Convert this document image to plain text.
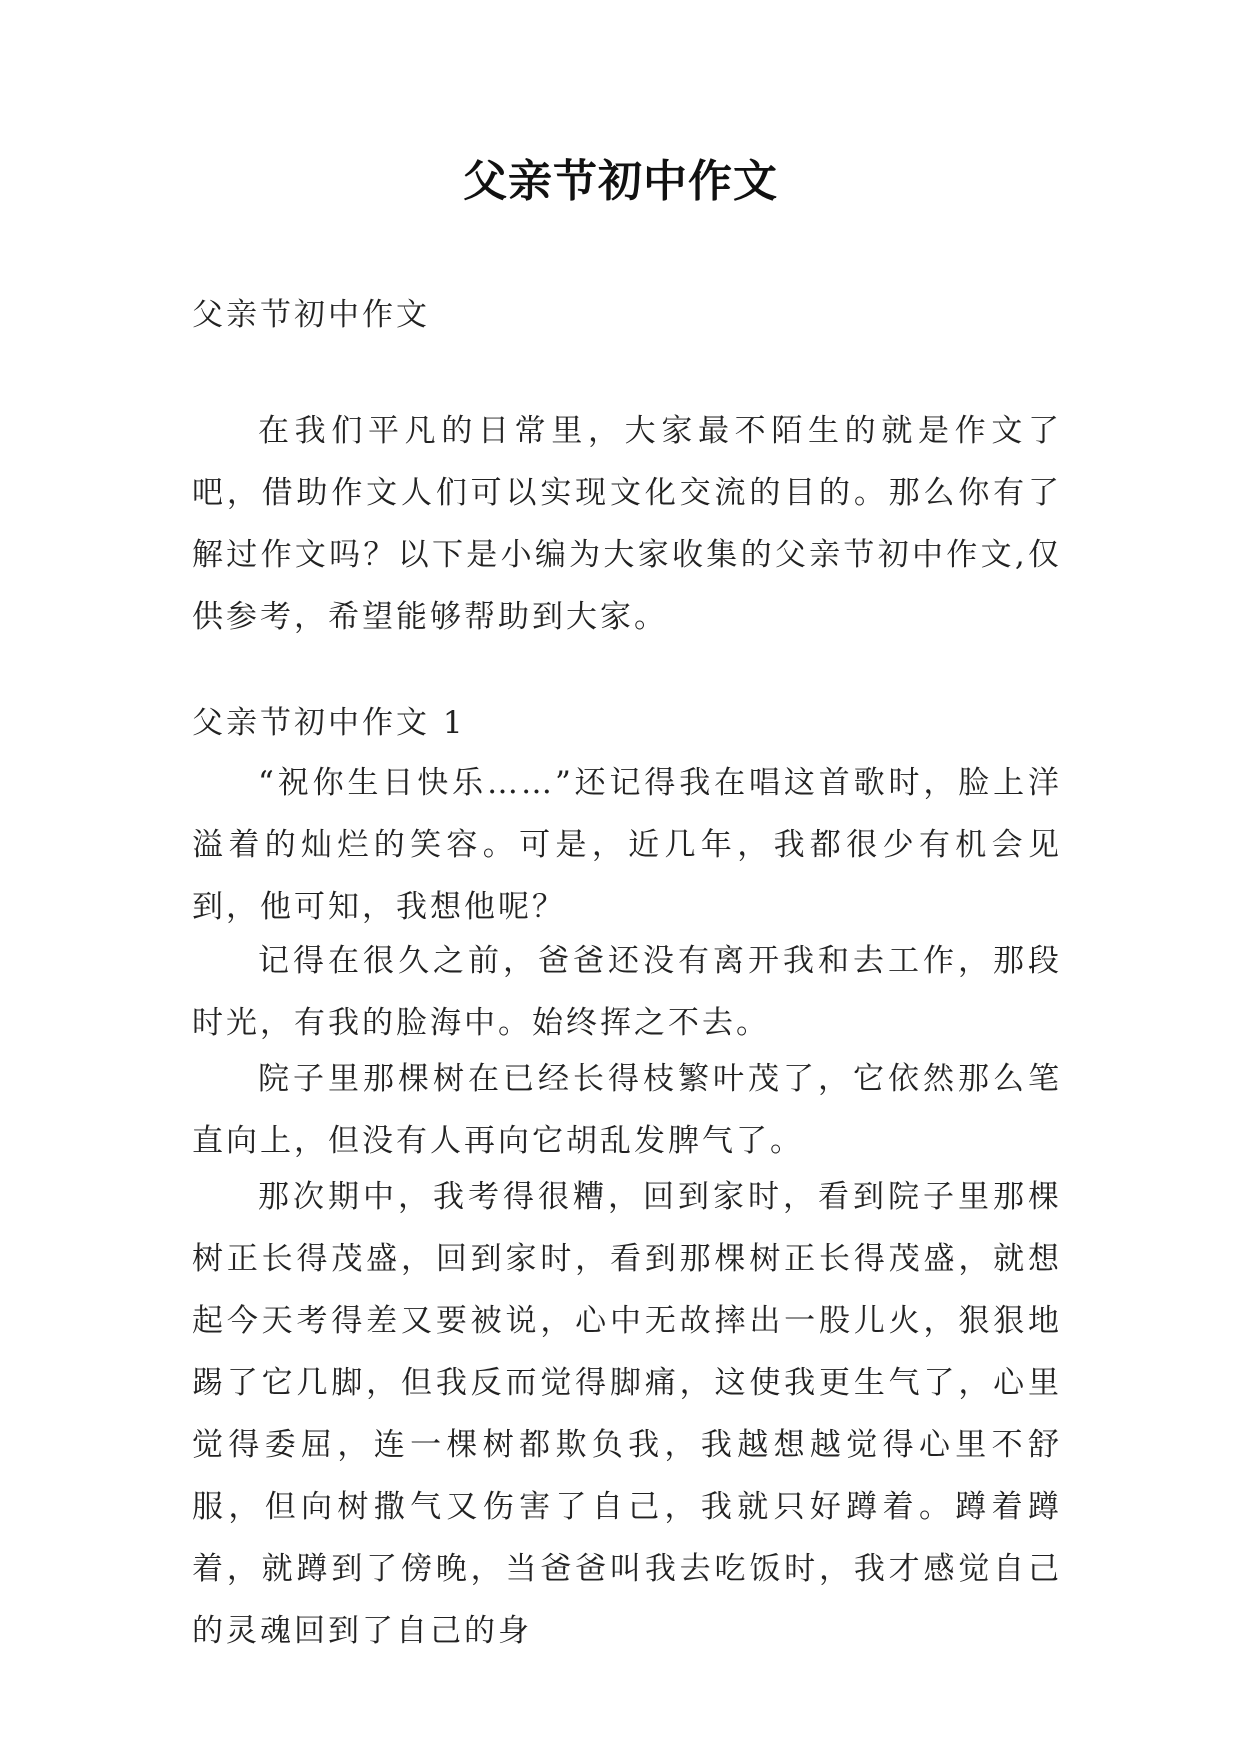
父亲节初中作文

父亲节初中作文

在我们平凡的日常里，大家最不陌生的就是作文了吧，借助作文人们可以实现文化交流的目的。那么你有了解过作文吗？以下是小编为大家收集的父亲节初中作文,仅供参考，希望能够帮助到大家。

父亲节初中作文 1

“祝你生日快乐……”还记得我在唱这首歌时，脸上洋溢着的灿烂的笑容。可是，近几年，我都很少有机会见到，他可知，我想他呢？

记得在很久之前，爸爸还没有离开我和去工作，那段时光，有我的脸海中。始终挥之不去。

院子里那棵树在已经长得枝繁叶茂了，它依然那么笔直向上，但没有人再向它胡乱发脾气了。

那次期中，我考得很糟，回到家时，看到院子里那棵树正长得茂盛，回到家时，看到那棵树正长得茂盛，就想起今天考得差又要被说，心中无故摔出一股儿火，狠狠地踢了它几脚，但我反而觉得脚痛，这使我更生气了，心里觉得委屈，连一棵树都欺负我，我越想越觉得心里不舒服，但向树撒气又伤害了自己，我就只好蹲着。蹲着蹲着，就蹲到了傍晚，当爸爸叫我去吃饭时，我才感觉自己的灵魂回到了自己的身
